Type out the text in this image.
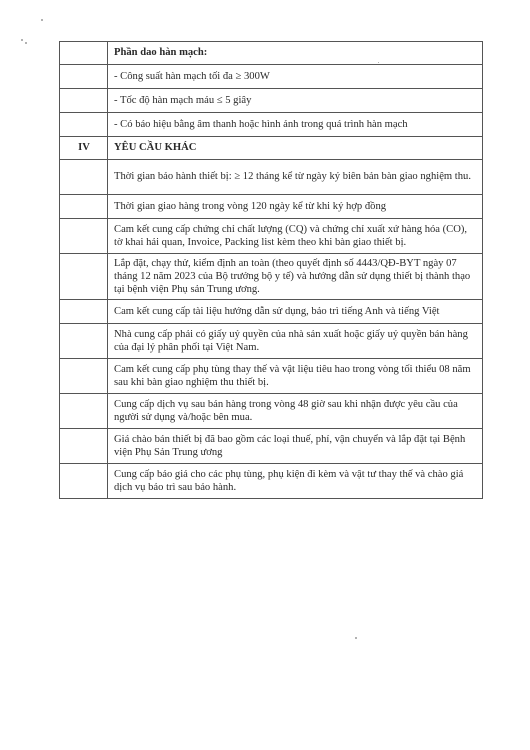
	Phần dao hàn mạch:
	- Công suất hàn mạch tối đa ≥ 300W
	- Tốc độ hàn mạch máu ≤ 5 giây
	- Có báo hiệu bằng âm thanh hoặc hình ảnh trong quá trình hàn mạch
IV	YÊU CẦU KHÁC
	Thời gian bảo hành thiết bị: ≥ 12 tháng kể từ ngày ký biên bản bàn giao nghiệm thu.
	Thời gian giao hàng trong vòng 120 ngày kể từ khi ký hợp đồng
	Cam kết cung cấp chứng chỉ chất lượng (CQ) và chứng chỉ xuất xứ hàng hóa (CO), tờ khai hải quan, Invoice, Packing list kèm theo khi bàn giao thiết bị.
	Lắp đặt, chạy thử, kiểm định an toàn (theo quyết định số 4443/QĐ-BYT ngày 07 tháng 12 năm 2023 của Bộ trưởng bộ y tế) và hướng dẫn sử dụng thiết bị thành thạo tại bệnh viện Phụ sản Trung ương.
	Cam kết cung cấp tài liệu hướng dẫn sử dụng, bảo trì tiếng Anh và tiếng Việt
	Nhà cung cấp phải có giấy uỷ quyền của nhà sản xuất hoặc giấy uỷ quyền bán hàng của đại lý phân phối tại Việt Nam.
	Cam kết cung cấp phụ tùng thay thế và vật liệu tiêu hao trong vòng tối thiểu 08 năm sau khi bàn giao nghiệm thu thiết bị.
	Cung cấp dịch vụ sau bán hàng trong vòng 48 giờ sau khi nhận được yêu cầu của người sử dụng và/hoặc bên mua.
	Giá chào bán thiết bị đã bao gồm các loại thuế, phí, vận chuyển và lắp đặt tại Bệnh viện Phụ Sản Trung ương
	Cung cấp báo giá cho các phụ tùng, phụ kiện đi kèm và vật tư thay thế và chào giá dịch vụ bảo trì sau bảo hành.
